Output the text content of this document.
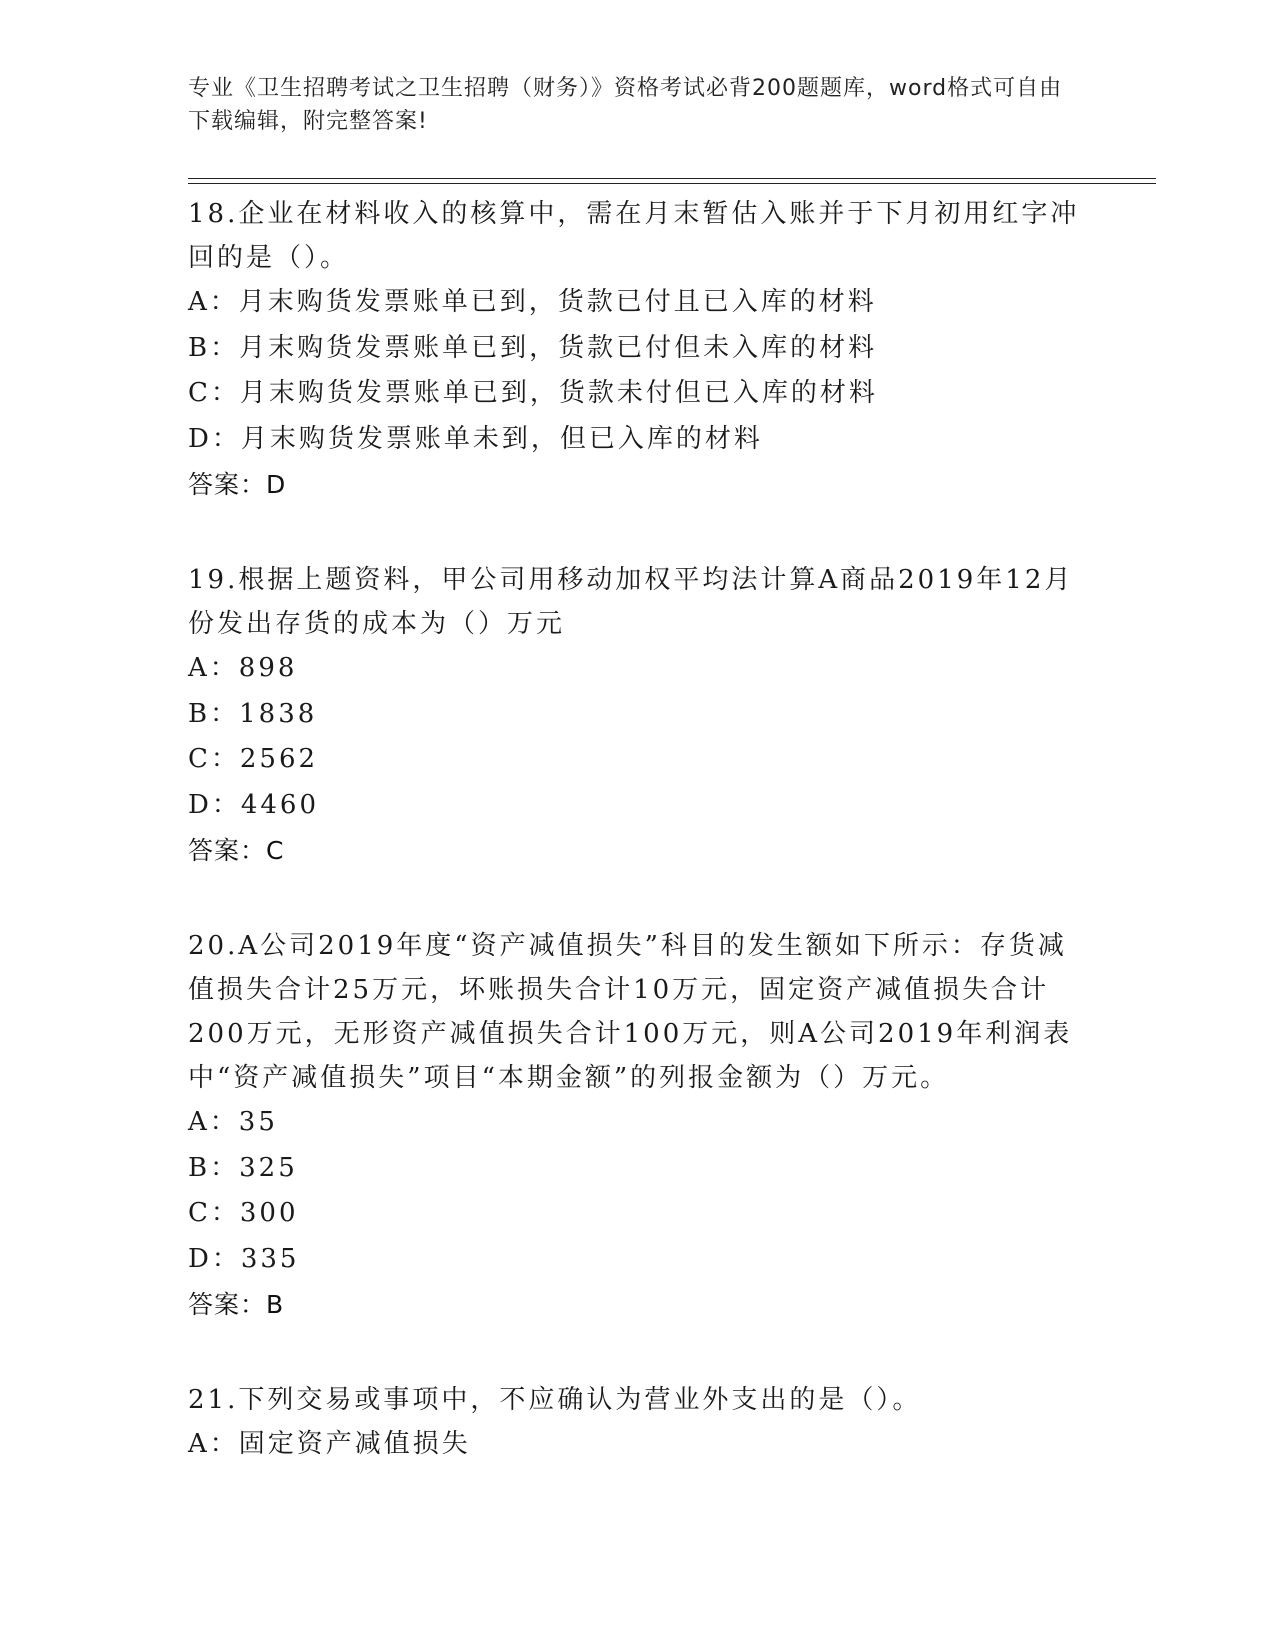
专业《卫生招聘考试之卫生招聘（财务）》资格考试必背200题题库，word格式可自由下载编辑，附完整答案!

18.企业在材料收入的核算中，需在月末暂估入账并于下月初用红字冲回的是（）。

A：月末购货发票账单已到，货款已付且已入库的材料

B：月末购货发票账单已到，货款已付但未入库的材料

C：月末购货发票账单已到，货款未付但已入库的材料

D：月末购货发票账单未到，但已入库的材料

答案：D

19.根据上题资料，甲公司用移动加权平均法计算A商品2019年12月份发出存货的成本为（）万元

A：898

B：1838

C：2562

D：4460

答案：C

20.A公司2019年度“资产减值损失”科目的发生额如下所示：存货减值损失合计25万元，坏账损失合计10万元，固定资产减值损失合计200万元，无形资产减值损失合计100万元，则A公司2019年利润表中“资产减值损失”项目“本期金额”的列报金额为（）万元。

A：35

B：325

C：300

D：335

答案：B

21.下列交易或事项中，不应确认为营业外支出的是（）。

A：固定资产减值损失
